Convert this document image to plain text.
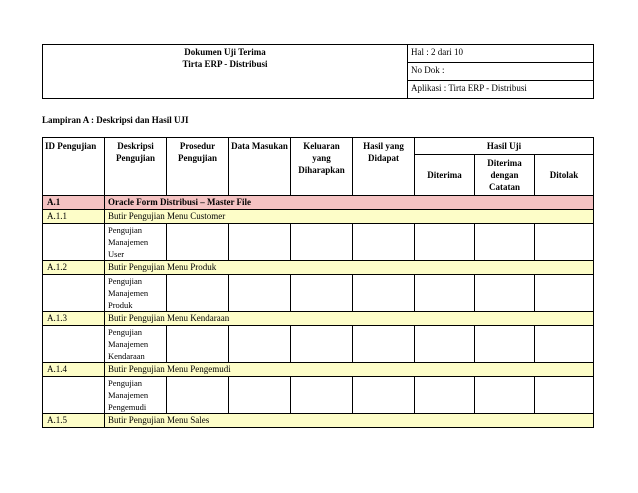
Dokumen Uji Terima
Tirta ERP - Distribusi
	Hal : 2 dari 10
No Dok :
Aplikasi : Tirta ERP - Distribusi
Lampiran A : Deskripsi dan Hasil UJI
ID Pengujian	Deskripsi Pengujian	Prosedur Pengujian	Data Masukan	Keluaran yang Diharapkan	Hasil yang Didapat	Hasil Uji		
						Diterima	Diterima dengan Catatan	Ditolak
A.1	Oracle Form Distribusi – Master File							
A.1.1	Butir Pengujian Menu Customer							
	Pengujian Manajemen User							
A.1.2	Butir Pengujian Menu Produk							
	Pengujian Manajemen Produk							
A.1.3	Butir Pengujian Menu Kendaraan							
	Pengujian Manajemen Kendaraan							
A.1.4	Butir Pengujian Menu Pengemudi							
	Pengujian Manajemen Pengemudi							
A.1.5	Butir Pengujian Menu Sales							
